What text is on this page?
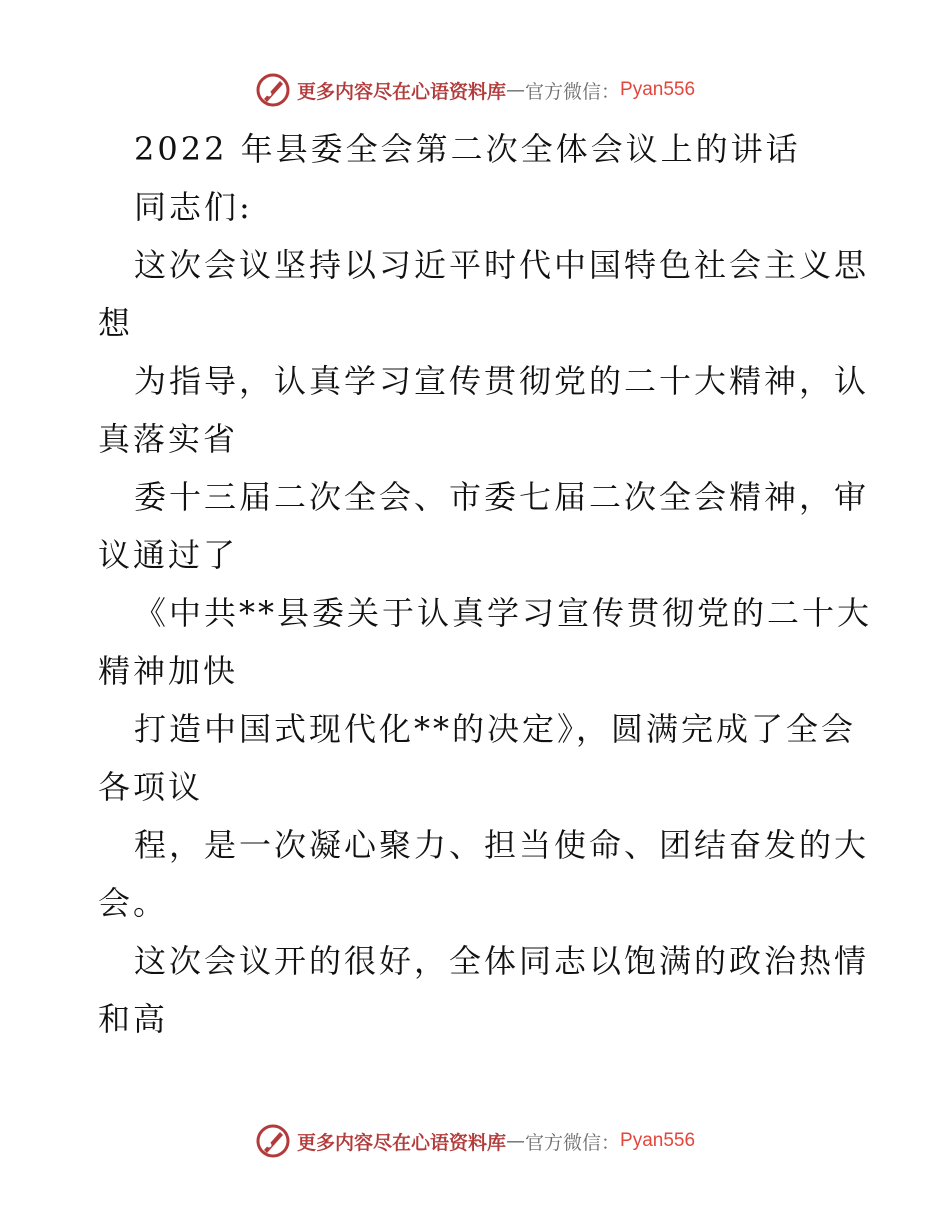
更多内容尽在 心语资料库 — 官方微信： Pyan556
2022 年县委全会第二次全体会议上的讲话
同志们:
这次会议坚持以习近平时代中国特色社会主义思
想
为指导，认真学习宣传贯彻党的二十大精神，认
真落实省
委十三届二次全会、市委七届二次全会精神，审
议通过了
《中共**县委关于认真学习宣传贯彻党的二十大
精神加快
打造中国式现代化**的决定》，圆满完成了全会
各项议
程，是一次凝心聚力、担当使命、团结奋发的大
会。
这次会议开的很好，全体同志以饱满的政治热情
和高
更多内容尽在 心语资料库 — 官方微信： Pyan556
